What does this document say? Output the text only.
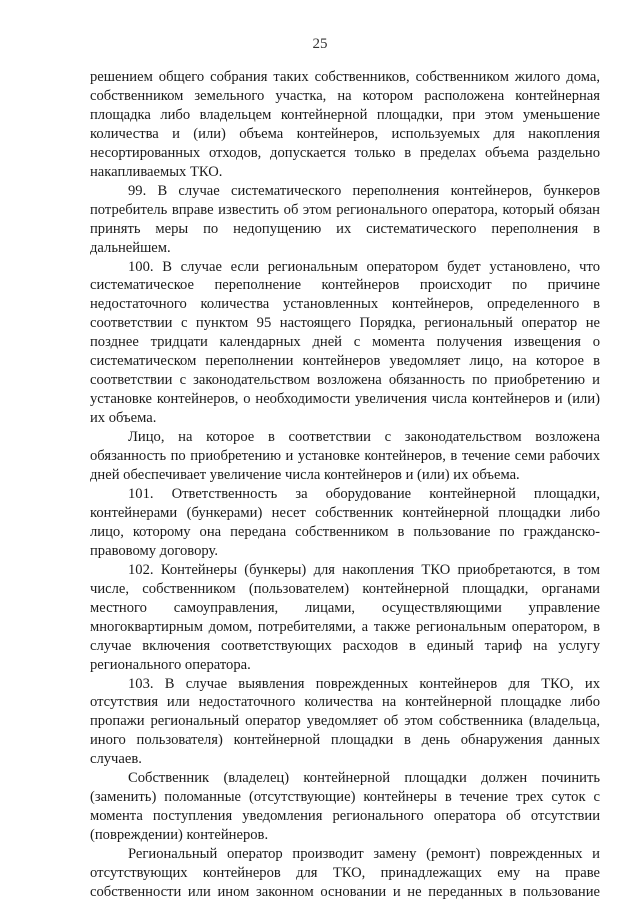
25

решением общего собрания таких собственников, собственником жилого дома, собственником земельного участка, на котором расположена контейнерная площадка либо владельцем контейнерной площадки, при этом уменьшение количества и (или) объема контейнеров, используемых для накопления несортированных отходов, допускается только в пределах объема раздельно накапливаемых ТКО.

99. В случае систематического переполнения контейнеров, бункеров потребитель вправе известить об этом регионального оператора, который обязан принять меры по недопущению их систематического переполнения в дальнейшем.

100. В случае если региональным оператором будет установлено, что систематическое переполнение контейнеров происходит по причине недостаточного количества установленных контейнеров, определенного в соответствии с пунктом 95 настоящего Порядка, региональный оператор не позднее тридцати календарных дней с момента получения извещения о систематическом переполнении контейнеров уведомляет лицо, на которое в соответствии с законодательством возложена обязанность по приобретению и установке контейнеров, о необходимости увеличения числа контейнеров и (или) их объема.

Лицо, на которое в соответствии с законодательством возложена обязанность по приобретению и установке контейнеров, в течение семи рабочих дней обеспечивает увеличение числа контейнеров и (или) их объема.

101. Ответственность за оборудование контейнерной площадки, контейнерами (бункерами) несет собственник контейнерной площадки либо лицо, которому она передана собственником в пользование по гражданско-правовому договору.

102. Контейнеры (бункеры) для накопления ТКО приобретаются, в том числе, собственником (пользователем) контейнерной площадки, органами местного самоуправления, лицами, осуществляющими управление многоквартирным домом, потребителями, а также региональным оператором, в случае включения соответствующих расходов в единый тариф на услугу регионального оператора.

103. В случае выявления поврежденных контейнеров для ТКО, их отсутствия или недостаточного количества на контейнерной площадке либо пропажи региональный оператор уведомляет об этом собственника (владельца, иного пользователя) контейнерной площадки в день обнаружения данных случаев.

Собственник (владелец) контейнерной площадки должен починить (заменить) поломанные (отсутствующие) контейнеры в течение трех суток с момента поступления уведомления регионального оператора об отсутствии (повреждении) контейнеров.

Региональный оператор производит замену (ремонт) поврежденных и отсутствующих контейнеров для ТКО, принадлежащих ему на праве собственности или ином законном основании и не переданных в пользование
